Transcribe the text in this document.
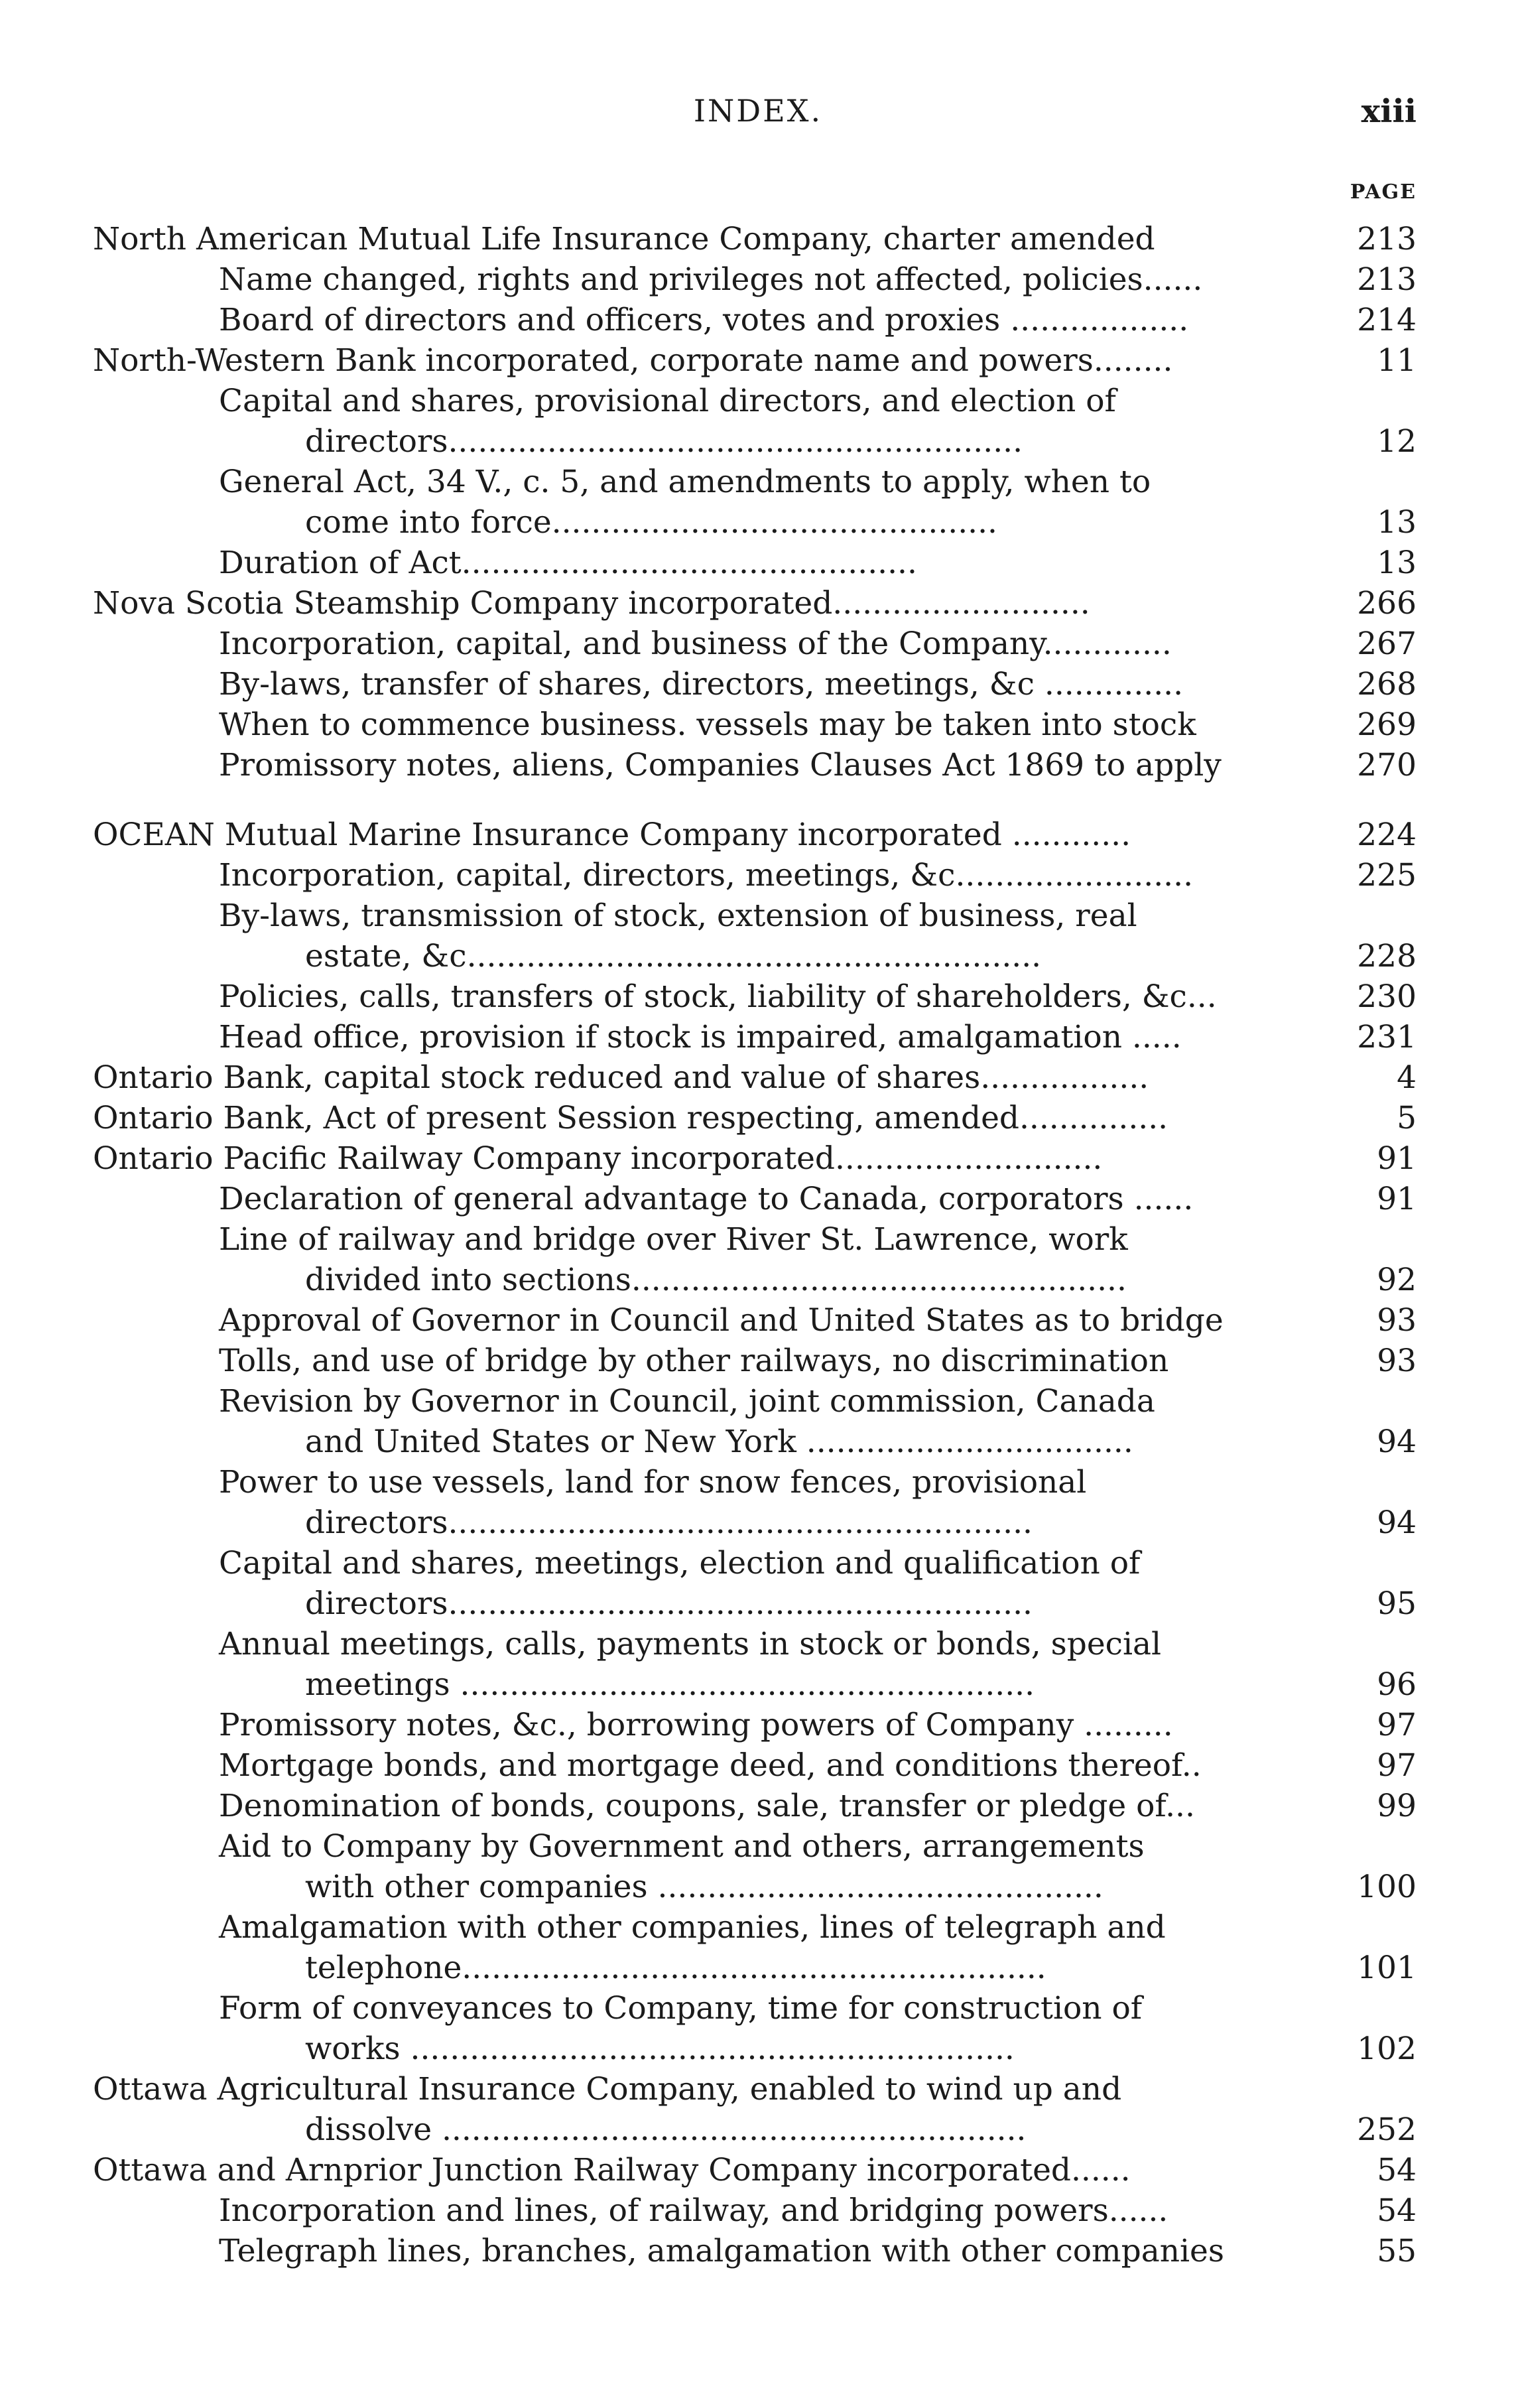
INDEX.	xiii
PAGE
North American Mutual Life Insurance Company, charter amended	213
Name changed, rights and privileges not affected, policies......	213
Board of directors and officers, votes and proxies ..................	214
North-Western Bank incorporated, corporate name and powers........	11
Capital and shares, provisional directors, and election of
directors..........................................................	12
General Act, 34 V., c. 5, and amendments to apply, when to
come into force.............................................	13
Duration of Act..............................................	13
Nova Scotia Steamship Company incorporated..........................	266
Incorporation, capital, and business of the Company.............	267
By-laws, transfer of shares, directors, meetings, &c ..............	268
When to commence business. vessels may be taken into stock	269
Promissory notes, aliens, Companies Clauses Act 1869 to apply	270
OCEAN Mutual Marine Insurance Company incorporated ............	224
Incorporation, capital, directors, meetings, &c........................	225
By-laws, transmission of stock, extension of business, real
estate, &c..........................................................	228
Policies, calls, transfers of stock, liability of shareholders, &c...	230
Head office, provision if stock is impaired, amalgamation .....	231
Ontario Bank, capital stock reduced and value of shares.................	4
Ontario Bank, Act of present Session respecting, amended...............	5
Ontario Pacific Railway Company incorporated...........................	91
Declaration of general advantage to Canada, corporators ......	91
Line of railway and bridge over River St. Lawrence, work
divided into sections..................................................	92
Approval of Governor in Council and United States as to bridge	93
Tolls, and use of bridge by other railways, no discrimination	93
Revision by Governor in Council, joint commission, Canada
and United States or New York .................................	94
Power to use vessels, land for snow fences, provisional
directors...........................................................	94
Capital and shares, meetings, election and qualification of
directors...........................................................	95
Annual meetings, calls, payments in stock or bonds, special
meetings ..........................................................	96
Promissory notes, &c., borrowing powers of Company .........	97
Mortgage bonds, and mortgage deed, and conditions thereof..	97
Denomination of bonds, coupons, sale, transfer or pledge of...	99
Aid to Company by Government and others, arrangements
with other companies .............................................	100
Amalgamation with other companies, lines of telegraph and
telephone...........................................................	101
Form of conveyances to Company, time for construction of
works .............................................................	102
Ottawa Agricultural Insurance Company, enabled to wind up and
dissolve ...........................................................	252
Ottawa and Arnprior Junction Railway Company incorporated......	54
Incorporation and lines, of railway, and bridging powers......	54
Telegraph lines, branches, amalgamation with other companies	55
